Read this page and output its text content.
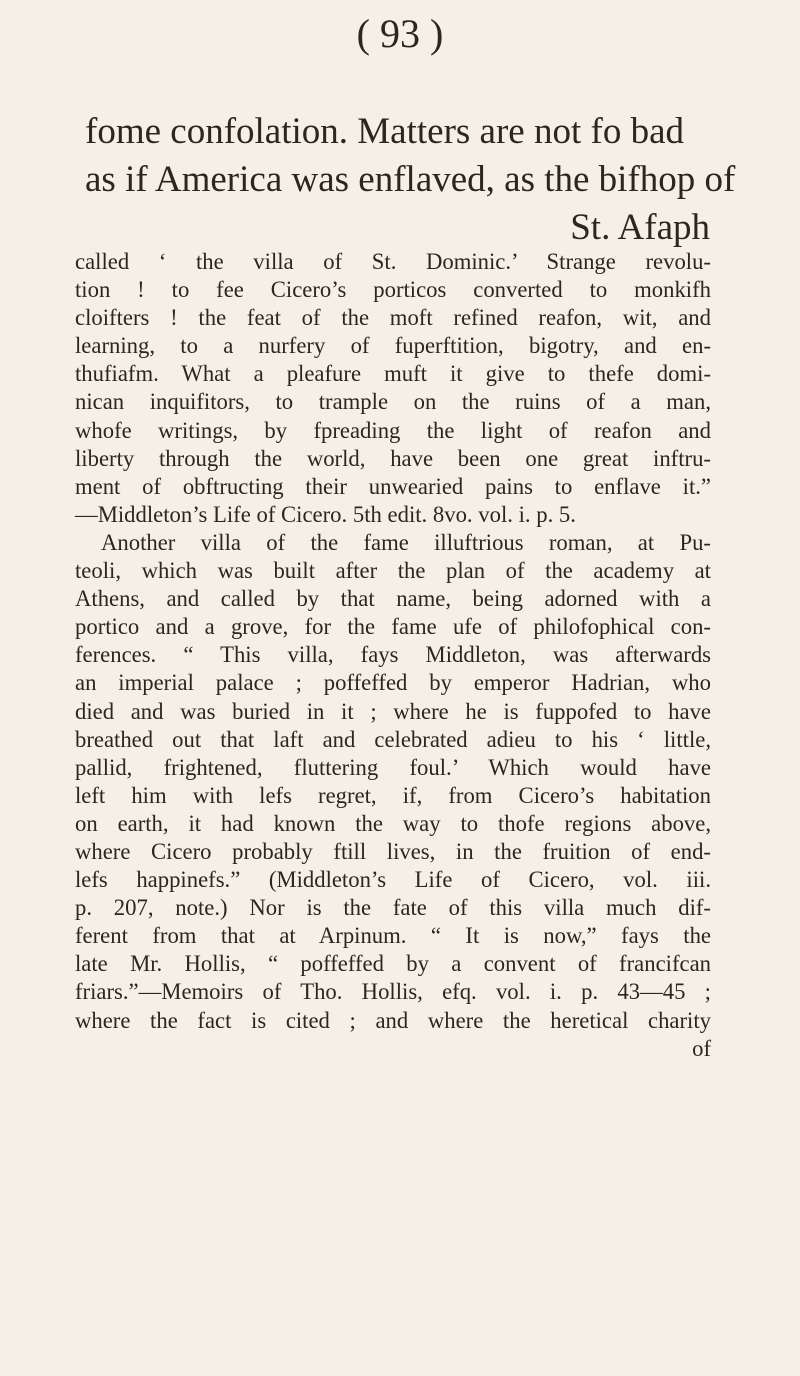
( 93 )
fome confolation. Matters are not fo bad
as if America was enflaved, as the bifhop of
St. Afaph
called ‘ the villa of St. Dominic.’ Strange revolu-
tion ! to fee Cicero’s porticos converted to monkifh
cloifters ! the feat of the moft refined reafon, wit, and
learning, to a nurfery of fuperftition, bigotry, and en-
thufiafm. What a pleafure muft it give to thefe domi-
nican inquifitors, to trample on the ruins of a man,
whofe writings, by fpreading the light of reafon and
liberty through the world, have been one great inftru-
ment of obftructing their unwearied pains to enflave it.”
—Middleton’s Life of Cicero. 5th edit. 8vo. vol. i. p. 5.
Another villa of the fame illuftrious roman, at Pu-
teoli, which was built after the plan of the academy at
Athens, and called by that name, being adorned with a
portico and a grove, for the fame ufe of philofophical con-
ferences. “ This villa, fays Middleton, was afterwards
an imperial palace ; poffeffed by emperor Hadrian, who
died and was buried in it ; where he is fuppofed to have
breathed out that laft and celebrated adieu to his ‘ little,
pallid, frightened, fluttering foul.’ Which would have
left him with lefs regret, if, from Cicero’s habitation
on earth, it had known the way to thofe regions above,
where Cicero probably ftill lives, in the fruition of end-
lefs happinefs.” (Middleton’s Life of Cicero, vol. iii.
p. 207, note.) Nor is the fate of this villa much dif-
ferent from that at Arpinum. “ It is now,” fays the
late Mr. Hollis, “ poffeffed by a convent of francifcan
friars.”—Memoirs of Tho. Hollis, efq. vol. i. p. 43—45 ;
where the fact is cited ; and where the heretical charity
of
